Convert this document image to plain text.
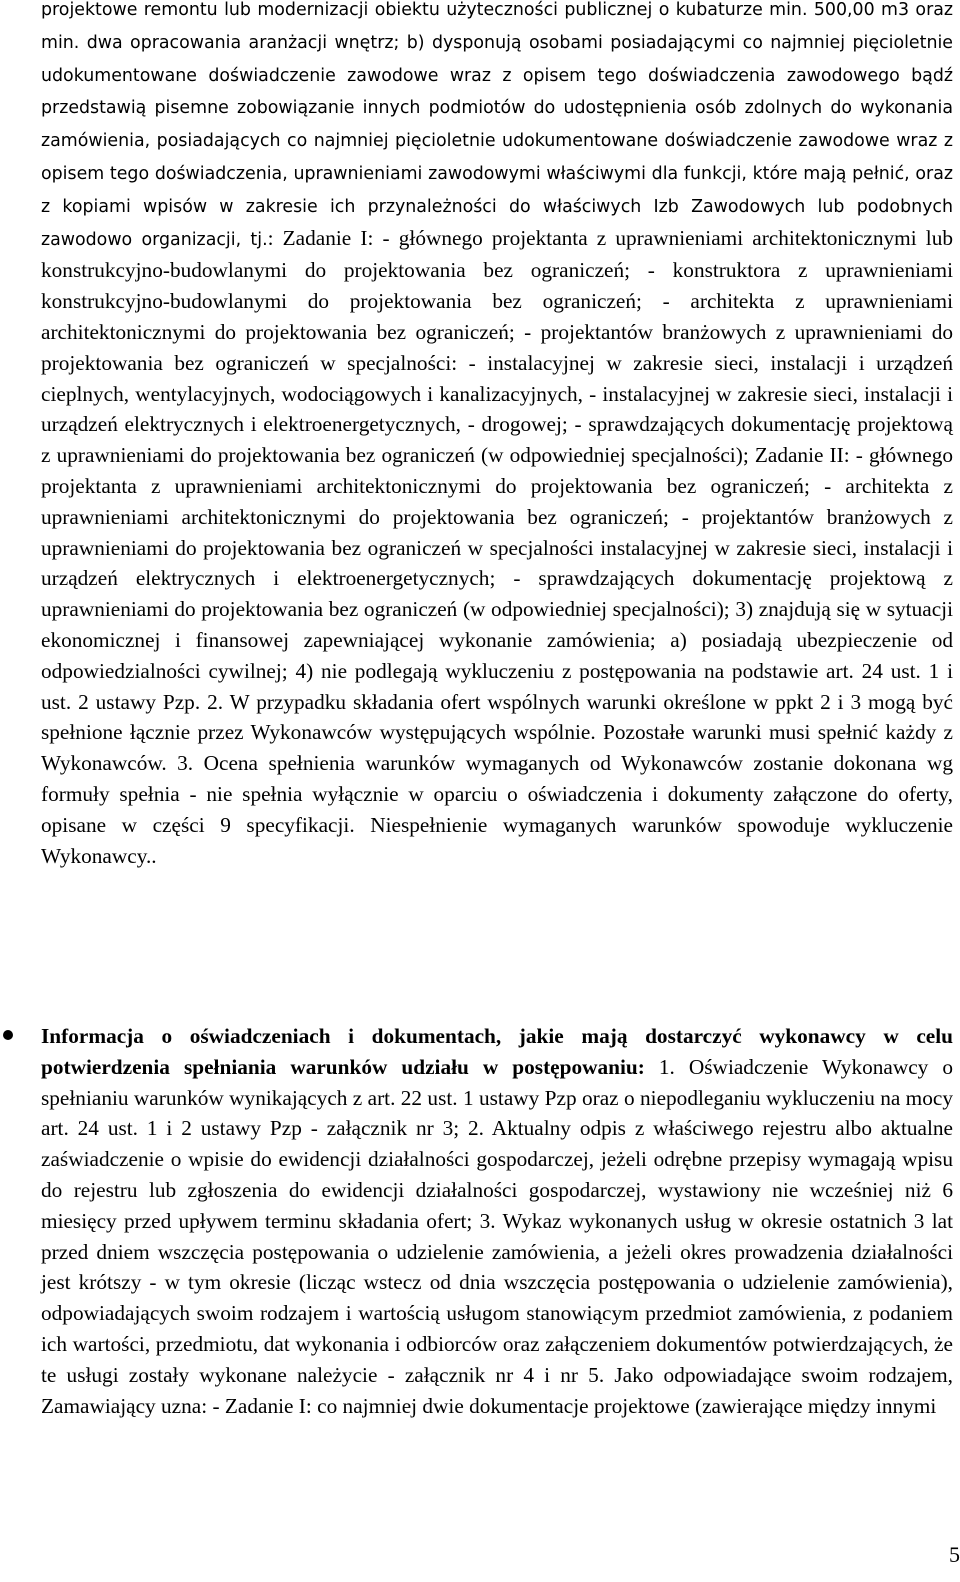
projektowe remontu lub modernizacji obiektu użyteczności publicznej o kubaturze min. 500,00 m3 oraz min. dwa opracowania aranżacji wnętrz; b) dysponują osobami posiadającymi co najmniej pięcioletnie udokumentowane doświadczenie zawodowe wraz z opisem tego doświadczenia zawodowego bądź przedstawią pisemne zobowiązanie innych podmiotów do udostępnienia osób zdolnych do wykonania zamówienia, posiadających co najmniej pięcioletnie udokumentowane doświadczenie zawodowe wraz z opisem tego doświadczenia, uprawnieniami zawodowymi właściwymi dla funkcji, które mają pełnić, oraz z kopiami wpisów w zakresie ich przynależności do właściwych Izb Zawodowych lub podobnych zawodowo organizacji, tj.: Zadanie I: - głównego projektanta z uprawnieniami architektonicznymi lub konstrukcyjno-budowlanymi do projektowania bez ograniczeń; - konstruktora z uprawnieniami konstrukcyjno-budowlanymi do projektowania bez ograniczeń; - architekta z uprawnieniami architektonicznymi do projektowania bez ograniczeń; - projektantów branżowych z uprawnieniami do projektowania bez ograniczeń w specjalności: - instalacyjnej w zakresie sieci, instalacji i urządzeń cieplnych, wentylacyjnych, wodociągowych i kanalizacyjnych, - instalacyjnej w zakresie sieci, instalacji i urządzeń elektrycznych i elektroenergetycznych, - drogowej; - sprawdzających dokumentację projektową z uprawnieniami do projektowania bez ograniczeń (w odpowiedniej specjalności); Zadanie II: - głównego projektanta z uprawnieniami architektonicznymi do projektowania bez ograniczeń; - architekta z uprawnieniami architektonicznymi do projektowania bez ograniczeń; - projektantów branżowych z uprawnieniami do projektowania bez ograniczeń w specjalności instalacyjnej w zakresie sieci, instalacji i urządzeń elektrycznych i elektroenergetycznych; - sprawdzających dokumentację projektową z uprawnieniami do projektowania bez ograniczeń (w odpowiedniej specjalności); 3) znajdują się w sytuacji ekonomicznej i finansowej zapewniającej wykonanie zamówienia; a) posiadają ubezpieczenie od odpowiedzialności cywilnej; 4) nie podlegają wykluczeniu z postępowania na podstawie art. 24 ust. 1 i ust. 2 ustawy Pzp. 2. W przypadku składania ofert wspólnych warunki określone w ppkt 2 i 3 mogą być spełnione łącznie przez Wykonawców występujących wspólnie. Pozostałe warunki musi spełnić każdy z Wykonawców. 3. Ocena spełnienia warunków wymaganych od Wykonawców zostanie dokonana wg formuły spełnia - nie spełnia wyłącznie w oparciu o oświadczenia i dokumenty załączone do oferty, opisane w części 9 specyfikacji. Niespełnienie wymaganych warunków spowoduje wykluczenie Wykonawcy..
Informacja o oświadczeniach i dokumentach, jakie mają dostarczyć wykonawcy w celu potwierdzenia spełniania warunków udziału w postępowaniu: 1. Oświadczenie Wykonawcy o spełnianiu warunków wynikających z art. 22 ust. 1 ustawy Pzp oraz o niepodleganiu wykluczeniu na mocy art. 24 ust. 1 i 2 ustawy Pzp - załącznik nr 3; 2. Aktualny odpis z właściwego rejestru albo aktualne zaświadczenie o wpisie do ewidencji działalności gospodarczej, jeżeli odrębne przepisy wymagają wpisu do rejestru lub zgłoszenia do ewidencji działalności gospodarczej, wystawiony nie wcześniej niż 6 miesięcy przed upływem terminu składania ofert; 3. Wykaz wykonanych usług w okresie ostatnich 3 lat przed dniem wszczęcia postępowania o udzielenie zamówienia, a jeżeli okres prowadzenia działalności jest krótszy - w tym okresie (licząc wstecz od dnia wszczęcia postępowania o udzielenie zamówienia), odpowiadających swoim rodzajem i wartością usługom stanowiącym przedmiot zamówienia, z podaniem ich wartości, przedmiotu, dat wykonania i odbiorców oraz załączeniem dokumentów potwierdzających, że te usługi zostały wykonane należycie - załącznik nr 4 i nr 5. Jako odpowiadające swoim rodzajem, Zamawiający uzna: - Zadanie I: co najmniej dwie dokumentacje projektowe (zawierające między innymi
5
